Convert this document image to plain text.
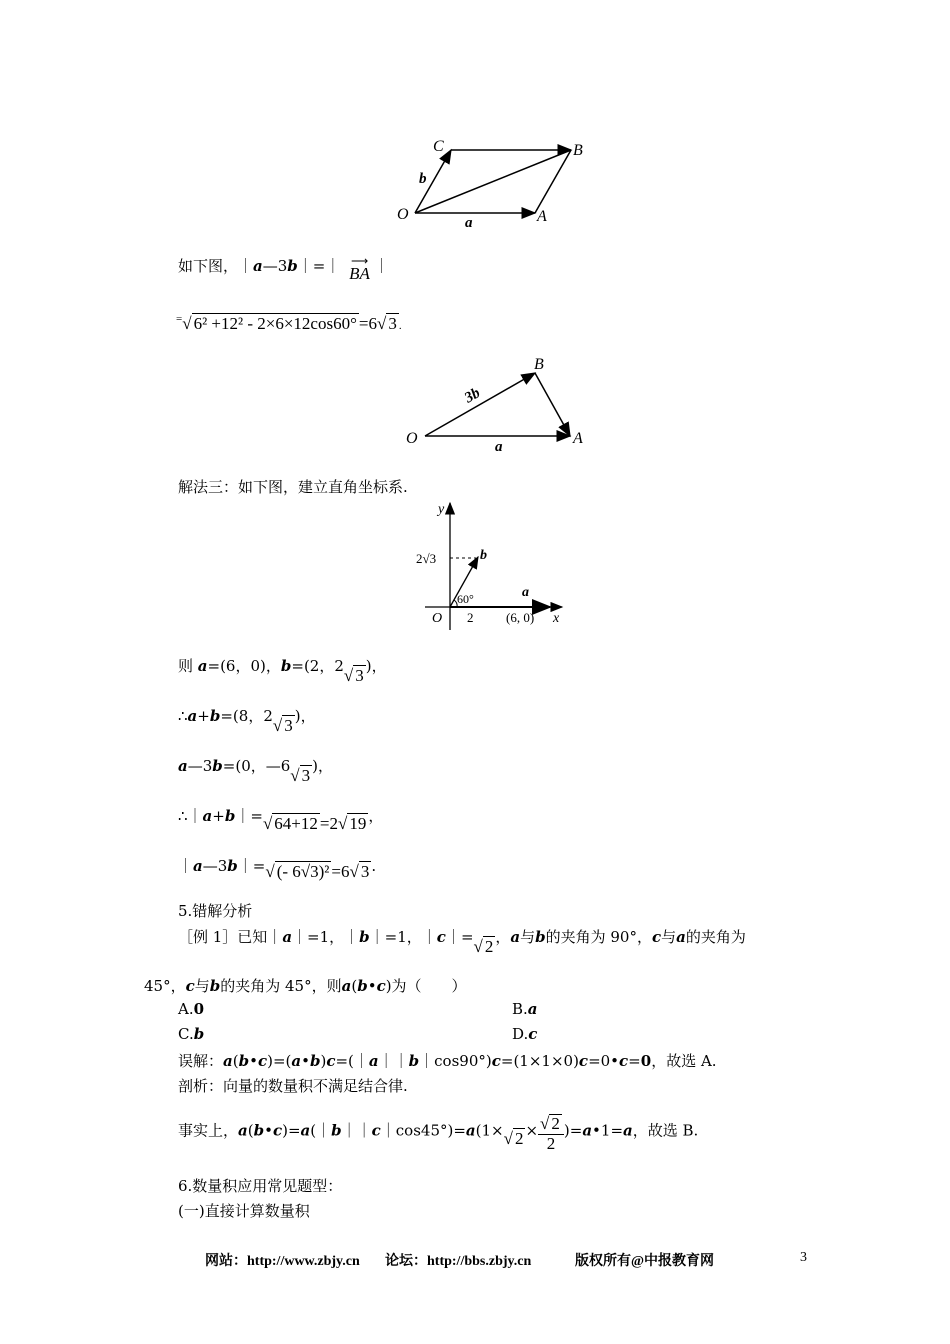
O	A
B
C
a
b
如下图，｜a—3b｜=｜ ⟶
BA ｜
=√ 6² +12² - 2×6×12cos60° =6√ 3 .
O	A
B
3b
a
解法三：如下图，建立直角坐标系.
y
x
O 2
2√3	b
a
60°
(6, 0)
则 a=(6，0)，b=(2，2√ 3 )，
∴a+b=(8，2√ 3 )，
a—3b=(0，—6√ 3 )，
∴｜a+b｜=√ 64+12 =2√ 19 ，
｜a—3b｜=√ (- 6√3)² =6√ 3 .
5.错解分析
［例 1］已知｜a｜=1，｜b｜=1，｜c｜=√ 2 ，a与b的夹角为 90°，c与a的夹角为
45°，c与b的夹角为 45°，则a(b•c)为（　　）
A.0	B.a
C.b	D.c
误解：a(b•c)=(a•b)c=(｜a｜｜b｜cos90°)c=(1×1×0)c=0•c=0，故选 A.
剖析：向量的数量积不满足结合律.
事实上，a(b•c)=a(｜b｜｜c｜cos45°)=a(1×√ $2 \times \frac{√ 2}{2}$ )=a•1=a，故选 B.
6.数量积应用常见题型：
(一)直接计算数量积
网站：http://www.zbjy.cn 论坛：http://bbs.zbjy.cn	版权所有@中报教育网	3
